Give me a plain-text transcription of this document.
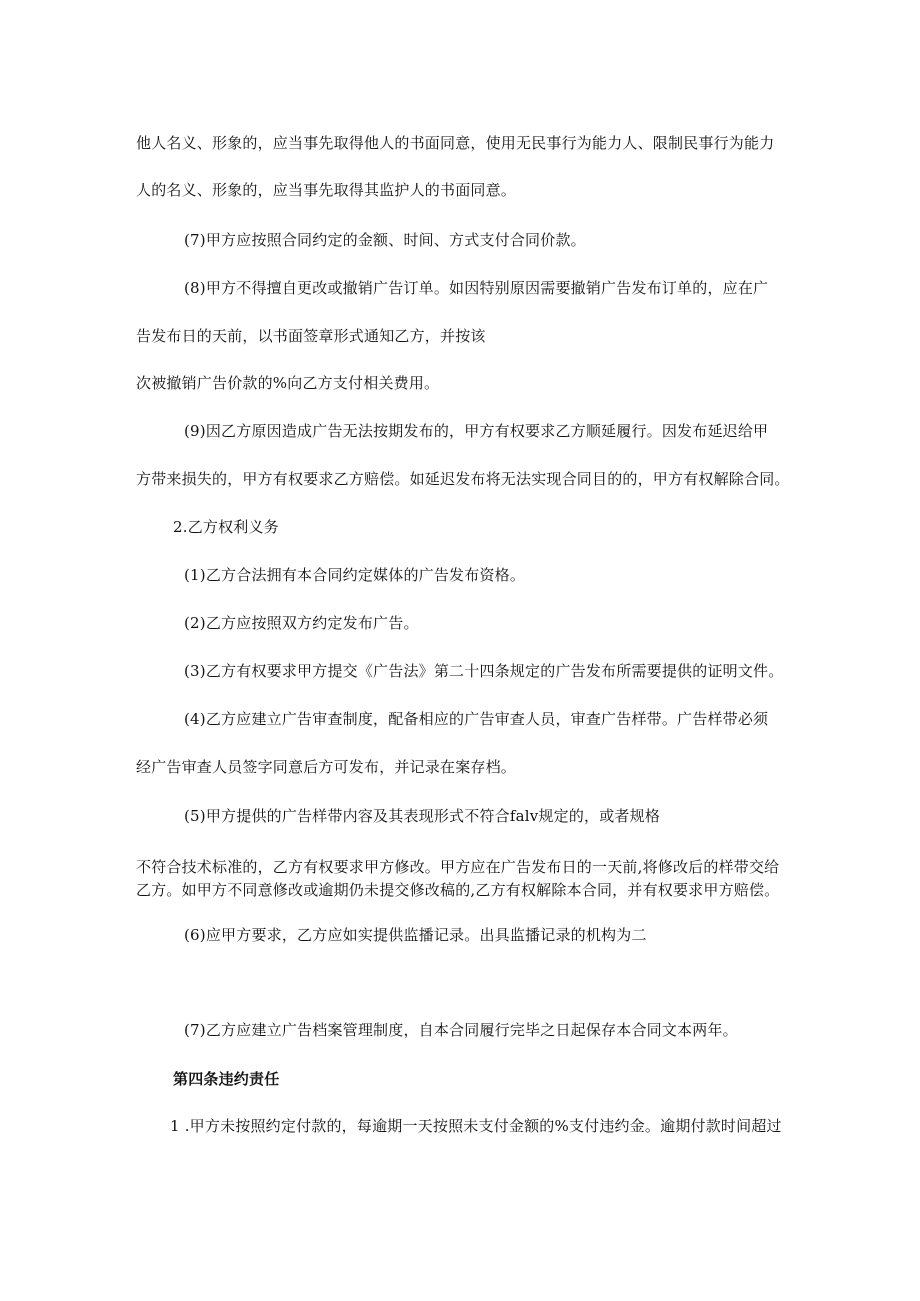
他人名义、形象的，应当事先取得他人的书面同意，使用无民事行为能力人、限制民事行为能力
人的名义、形象的，应当事先取得其监护人的书面同意。
(7)甲方应按照合同约定的金额、时间、方式支付合同价款。
(8)甲方不得擅自更改或撤销广告订单。如因特别原因需要撤销广告发布订单的，应在广
告发布日的天前，以书面签章形式通知乙方，并按该
次被撤销广告价款的%向乙方支付相关费用。
(9)因乙方原因造成广告无法按期发布的，甲方有权要求乙方顺延履行。因发布延迟给甲
方带来损失的，甲方有权要求乙方赔偿。如延迟发布将无法实现合同目的的，甲方有权解除合同。
2.乙方权利义务
(1)乙方合法拥有本合同约定媒体的广告发布资格。
(2)乙方应按照双方约定发布广告。
(3)乙方有权要求甲方提交《广告法》第二十四条规定的广告发布所需要提供的证明文件。
(4)乙方应建立广告审查制度，配备相应的广告审查人员，审查广告样带。广告样带必须
经广告审查人员签字同意后方可发布，并记录在案存档。
(5)甲方提供的广告样带内容及其表现形式不符合falv规定的，或者规格
不符合技术标准的，乙方有权要求甲方修改。甲方应在广告发布日的一天前,将修改后的样带交给
乙方。如甲方不同意修改或逾期仍未提交修改稿的,乙方有权解除本合同，并有权要求甲方赔偿。
(6)应甲方要求，乙方应如实提供监播记录。出具监播记录的机构为二
(7)乙方应建立广告档案管理制度，自本合同履行完毕之日起保存本合同文本两年。
第四条违约责任
1 .甲方未按照约定付款的，每逾期一天按照未支付金额的%支付违约金。逾期付款时间超过
